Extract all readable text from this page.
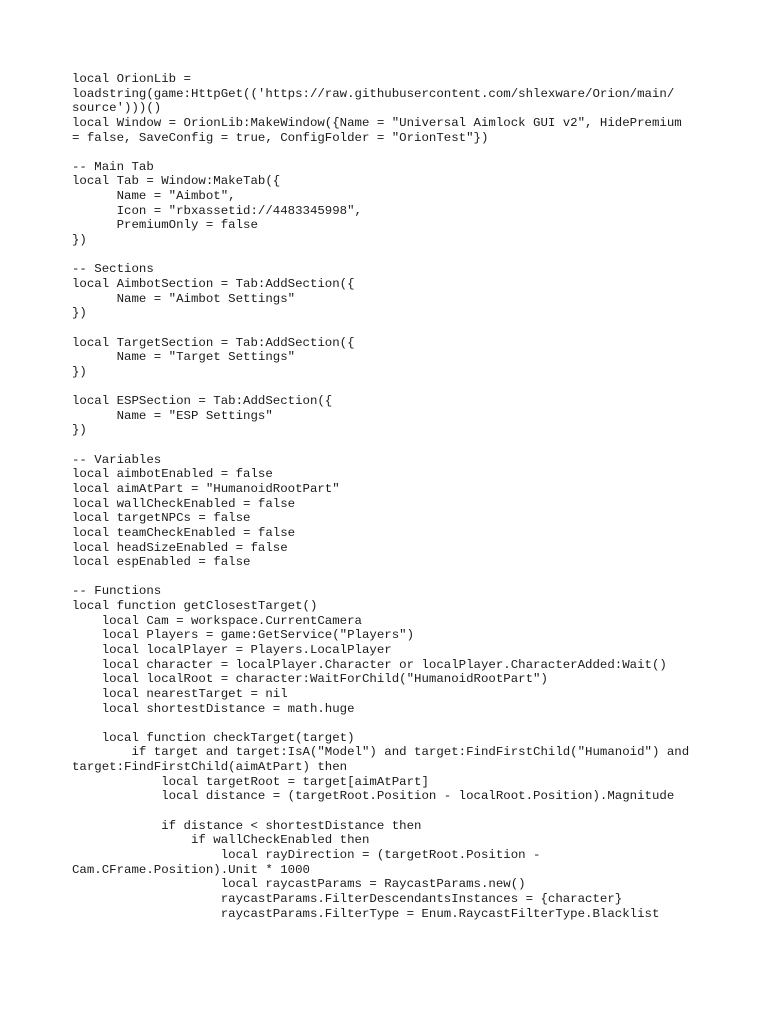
local OrionLib =
loadstring(game:HttpGet(('https://raw.githubusercontent.com/shlexware/Orion/main/
source')))()
local Window = OrionLib:MakeWindow({Name = "Universal Aimlock GUI v2", HidePremium
= false, SaveConfig = true, ConfigFolder = "OrionTest"})
-- Main Tab
local Tab = Window:MakeTab({
Name = "Aimbot",
Icon = "rbxassetid://4483345998",
PremiumOnly = false
})
-- Sections
local AimbotSection = Tab:AddSection({
Name = "Aimbot Settings"
})
local TargetSection = Tab:AddSection({
Name = "Target Settings"
})
local ESPSection = Tab:AddSection({
Name = "ESP Settings"
})
-- Variables
local aimbotEnabled = false
local aimAtPart = "HumanoidRootPart"
local wallCheckEnabled = false
local targetNPCs = false
local teamCheckEnabled = false
local headSizeEnabled = false
local espEnabled = false
-- Functions
local function getClosestTarget()
local Cam = workspace.CurrentCamera
local Players = game:GetService("Players")
local localPlayer = Players.LocalPlayer
local character = localPlayer.Character or localPlayer.CharacterAdded:Wait()
local localRoot = character:WaitForChild("HumanoidRootPart")
local nearestTarget = nil
local shortestDistance = math.huge
local function checkTarget(target)
if target and target:IsA("Model") and target:FindFirstChild("Humanoid") and
target:FindFirstChild(aimAtPart) then
local targetRoot = target[aimAtPart]
local distance = (targetRoot.Position - localRoot.Position).Magnitude
if distance < shortestDistance then
if wallCheckEnabled then
local rayDirection = (targetRoot.Position -
Cam.CFrame.Position).Unit * 1000
local raycastParams = RaycastParams.new()
raycastParams.FilterDescendantsInstances = {character}
raycastParams.FilterType = Enum.RaycastFilterType.Blacklist
